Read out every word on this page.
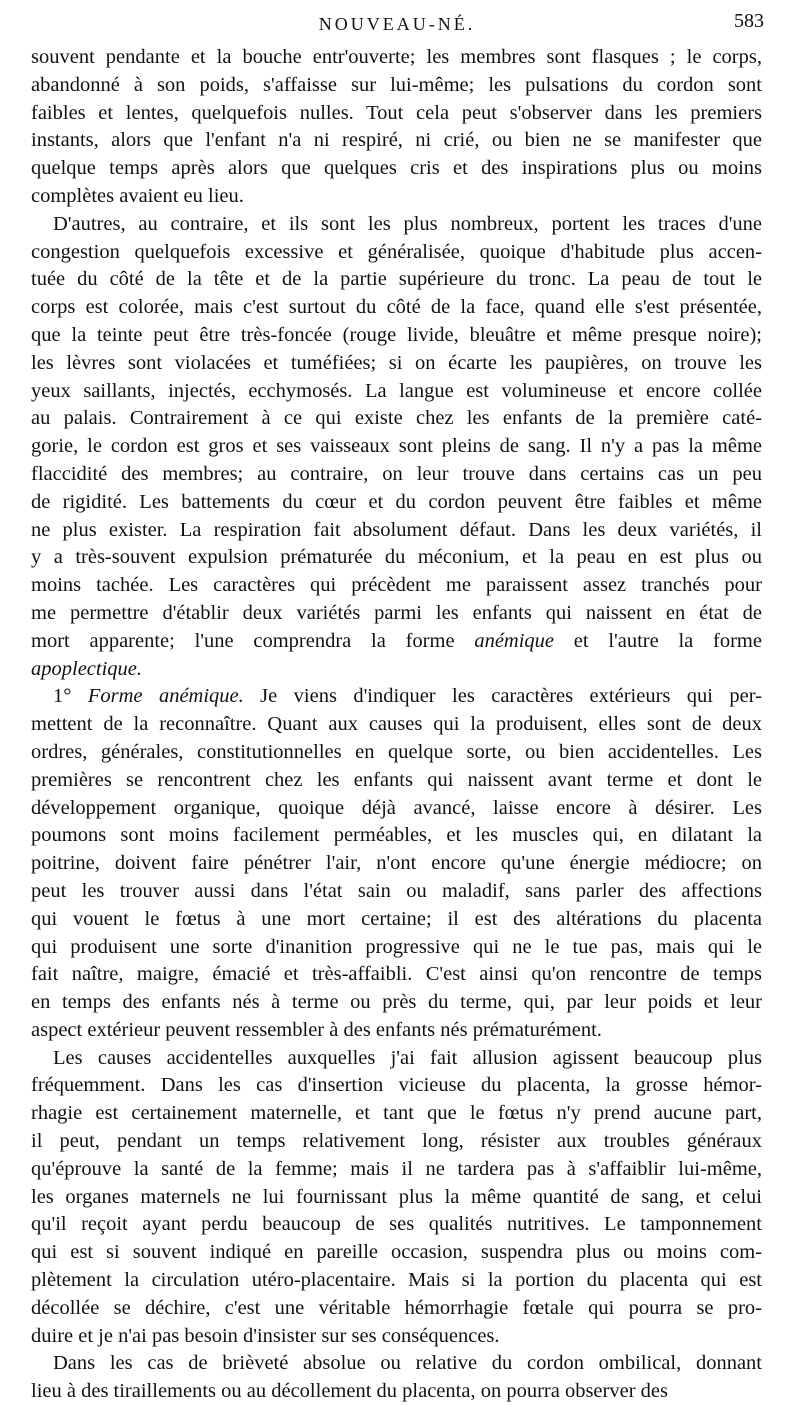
NOUVEAU-NÉ.	583

souvent pendante et la bouche entr'ouverte; les membres sont flasques ; le corps,
abandonné à son poids, s'affaisse sur lui-même; les pulsations du cordon sont
faibles et lentes, quelquefois nulles. Tout cela peut s'observer dans les premiers
instants, alors que l'enfant n'a ni respiré, ni crié, ou bien ne se manifester que
quelque temps après alors que quelques cris et des inspirations plus ou moins
complètes avaient eu lieu.

D'autres, au contraire, et ils sont les plus nombreux, portent les traces d'une
congestion quelquefois excessive et généralisée, quoique d'habitude plus accen-
tuée du côté de la tête et de la partie supérieure du tronc. La peau de tout le
corps est colorée, mais c'est surtout du côté de la face, quand elle s'est présentée,
que la teinte peut être très-foncée (rouge livide, bleuâtre et même presque noire);
les lèvres sont violacées et tuméfiées; si on écarte les paupières, on trouve les
yeux saillants, injectés, ecchymosés. La langue est volumineuse et encore collée
au palais. Contrairement à ce qui existe chez les enfants de la première caté-
gorie, le cordon est gros et ses vaisseaux sont pleins de sang. Il n'y a pas la même
flaccidité des membres; au contraire, on leur trouve dans certains cas un peu
de rigidité. Les battements du cœur et du cordon peuvent être faibles et même
ne plus exister. La respiration fait absolument défaut. Dans les deux variétés, il
y a très-souvent expulsion prématurée du méconium, et la peau en est plus ou
moins tachée. Les caractères qui précèdent me paraissent assez tranchés pour
me permettre d'établir deux variétés parmi les enfants qui naissent en état de
mort apparente; l'une comprendra la forme anémique et l'autre la forme
apoplectique.

1° Forme anémique. Je viens d'indiquer les caractères extérieurs qui per-
mettent de la reconnaître. Quant aux causes qui la produisent, elles sont de deux
ordres, générales, constitutionnelles en quelque sorte, ou bien accidentelles. Les
premières se rencontrent chez les enfants qui naissent avant terme et dont le
développement organique, quoique déjà avancé, laisse encore à désirer. Les
poumons sont moins facilement perméables, et les muscles qui, en dilatant la
poitrine, doivent faire pénétrer l'air, n'ont encore qu'une énergie médiocre; on
peut les trouver aussi dans l'état sain ou maladif, sans parler des affections
qui vouent le fœtus à une mort certaine; il est des altérations du placenta
qui produisent une sorte d'inanition progressive qui ne le tue pas, mais qui le
fait naître, maigre, émacié et très-affaibli. C'est ainsi qu'on rencontre de temps
en temps des enfants nés à terme ou près du terme, qui, par leur poids et leur
aspect extérieur peuvent ressembler à des enfants nés prématurément.

Les causes accidentelles auxquelles j'ai fait allusion agissent beaucoup plus
fréquemment. Dans les cas d'insertion vicieuse du placenta, la grosse hémor-
rhagie est certainement maternelle, et tant que le fœtus n'y prend aucune part,
il peut, pendant un temps relativement long, résister aux troubles généraux
qu'éprouve la santé de la femme; mais il ne tardera pas à s'affaiblir lui-même,
les organes maternels ne lui fournissant plus la même quantité de sang, et celui
qu'il reçoit ayant perdu beaucoup de ses qualités nutritives. Le tamponnement
qui est si souvent indiqué en pareille occasion, suspendra plus ou moins com-
plètement la circulation utéro-placentaire. Mais si la portion du placenta qui est
décollée se déchire, c'est une véritable hémorrhagie fœtale qui pourra se pro-
duire et je n'ai pas besoin d'insister sur ses conséquences.

Dans les cas de brièveté absolue ou relative du cordon ombilical, donnant
lieu à des tiraillements ou au décollement du placenta, on pourra observer des
